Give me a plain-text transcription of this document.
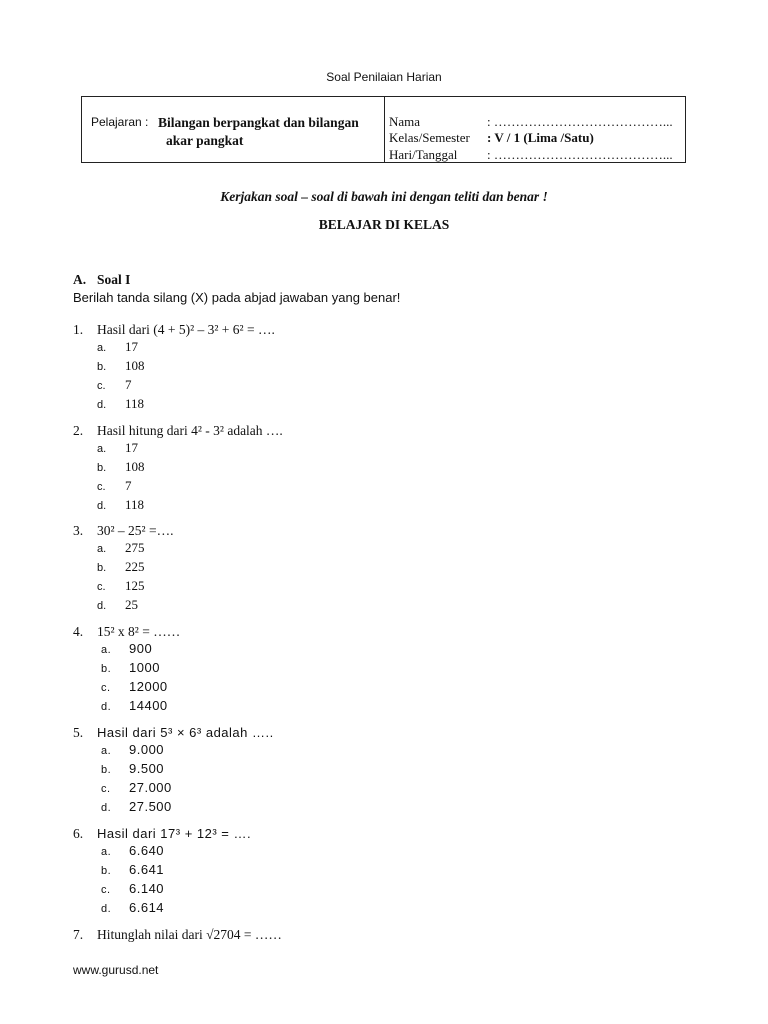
Soal Penilaian Harian
Pelajaran : Bilangan berpangkat dan bilangan
akar pangkat
Nama	: …………………………………...
Kelas/Semester : V / 1 (Lima /Satu)
Hari/Tanggal : …………………………………...
Kerjakan soal – soal di bawah ini dengan teliti dan benar !
BELAJAR DI KELAS
A. Soal I
Berilah tanda silang (X) pada abjad jawaban yang benar!
1. Hasil dari (4 + 5)² – 3² + 6² = ….
a. 17
b. 108
c. 7
d. 118
2. Hasil hitung dari 4² - 3² adalah ….
a. 17
b. 108
c. 7
d. 118
3. 30² – 25² =….
a. 275
b. 225
c. 125
d. 25
4. 15² x 8² = ……
a. 900
b. 1000
c. 12000
d. 14400
5. Hasil dari 5³ × 6³ adalah …..
a. 9.000
b. 9.500
c. 27.000
d. 27.500
6. Hasil dari 17³ + 12³ = ….
a. 6.640
b. 6.641
c. 6.140
d. 6.614
7. Hitunglah nilai dari √2704 = ……
www.gurusd.net
